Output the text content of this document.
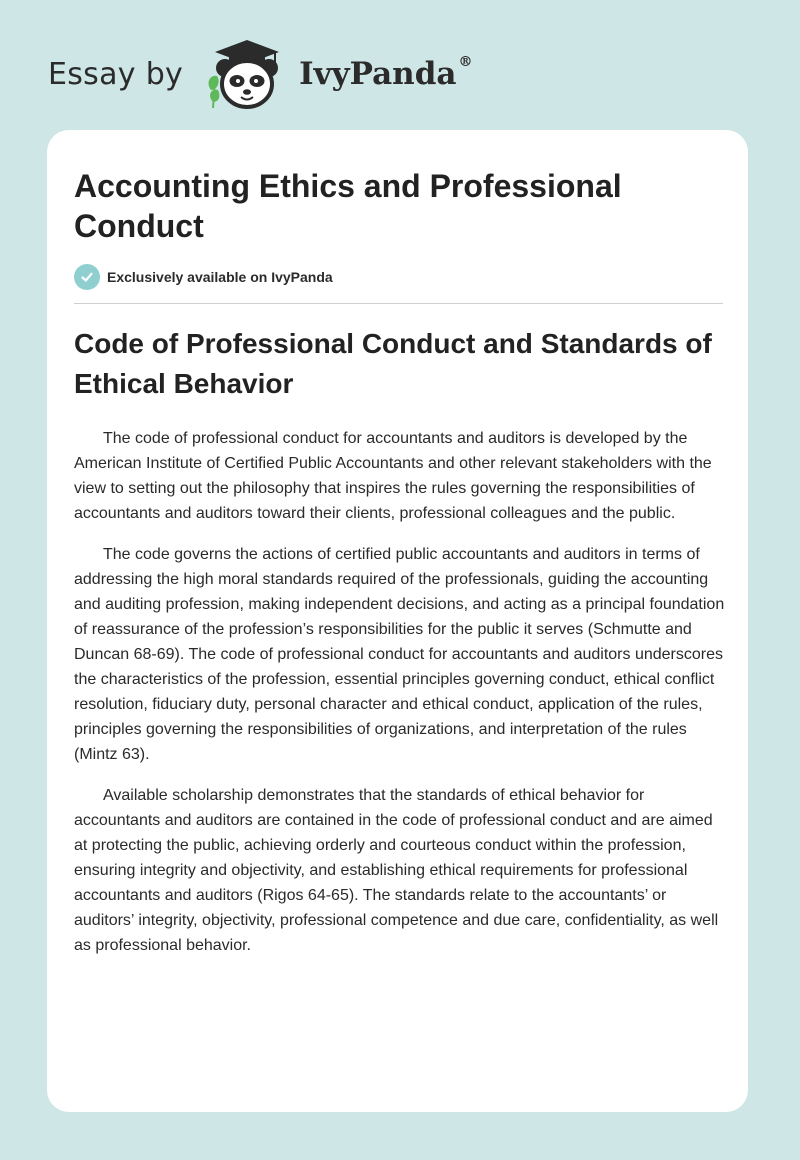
Essay by	IvyPanda ®
Accounting Ethics and Professional Conduct
Exclusively available on IvyPanda
Code of Professional Conduct and Standards of Ethical Behavior

The code of professional conduct for accountants and auditors is developed by the American Institute of Certified Public Accountants and other relevant stakeholders with the view to setting out the philosophy that inspires the rules governing the responsibilities of accountants and auditors toward their clients, professional colleagues and the public.

The code governs the actions of certified public accountants and auditors in terms of addressing the high moral standards required of the professionals, guiding the accounting and auditing profession, making independent decisions, and acting as a principal foundation of reassurance of the profession’s responsibilities for the public it serves (Schmutte and Duncan 68-69). The code of professional conduct for accountants and auditors underscores the characteristics of the profession, essential principles governing conduct, ethical conflict resolution, fiduciary duty, personal character and ethical conduct, application of the rules, principles governing the responsibilities of organizations, and interpretation of the rules (Mintz 63).

Available scholarship demonstrates that the standards of ethical behavior for accountants and auditors are contained in the code of professional conduct and are aimed at protecting the public, achieving orderly and courteous conduct within the profession, ensuring integrity and objectivity, and establishing ethical requirements for professional accountants and auditors (Rigos 64-65). The standards relate to the accountants’ or auditors’ integrity, objectivity, professional competence and due care, confidentiality, as well as professional behavior.
